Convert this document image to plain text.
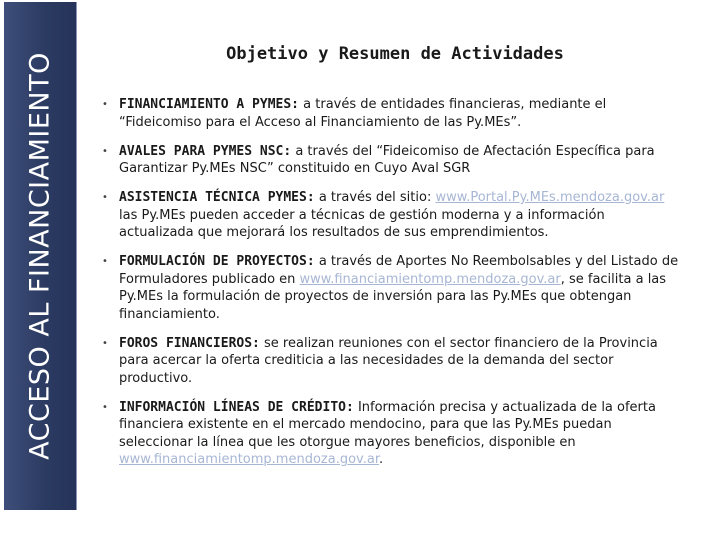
ACCESO AL FINANCIAMIENTO	Objetivo y Resumen de Actividades
• FINANCIAMIENTO A PYMES: a través de entidades financieras, mediante el “Fideicomiso para el Acceso al Financiamiento de las Py.MEs”.
• AVALES PARA PYMES NSC: a través del “Fideicomiso de Afectación Específica para Garantizar Py.MEs NSC” constituido en Cuyo Aval SGR
• ASISTENCIA TÉCNICA PYMES: a través del sitio: www.Portal.Py.MEs.mendoza.gov.ar las Py.MEs pueden acceder a técnicas de gestión moderna y a información actualizada que mejorará los resultados de sus emprendimientos.
• FORMULACIÓN DE PROYECTOS: a través de Aportes No Reembolsables y del Listado de Formuladores publicado en www.financiamientomp.mendoza.gov.ar, se facilita a las Py.MEs la formulación de proyectos de inversión para las Py.MEs que obtengan financiamiento.
• FOROS FINANCIEROS: se realizan reuniones con el sector financiero de la Provincia para acercar la oferta crediticia a las necesidades de la demanda del sector productivo.
• INFORMACIÓN LÍNEAS DE CRÉDITO: Información precisa y actualizada de la oferta financiera existente en el mercado mendocino, para que las Py.MEs puedan seleccionar la línea que les otorgue mayores beneficios, disponible en www.financiamientomp.mendoza.gov.ar.
